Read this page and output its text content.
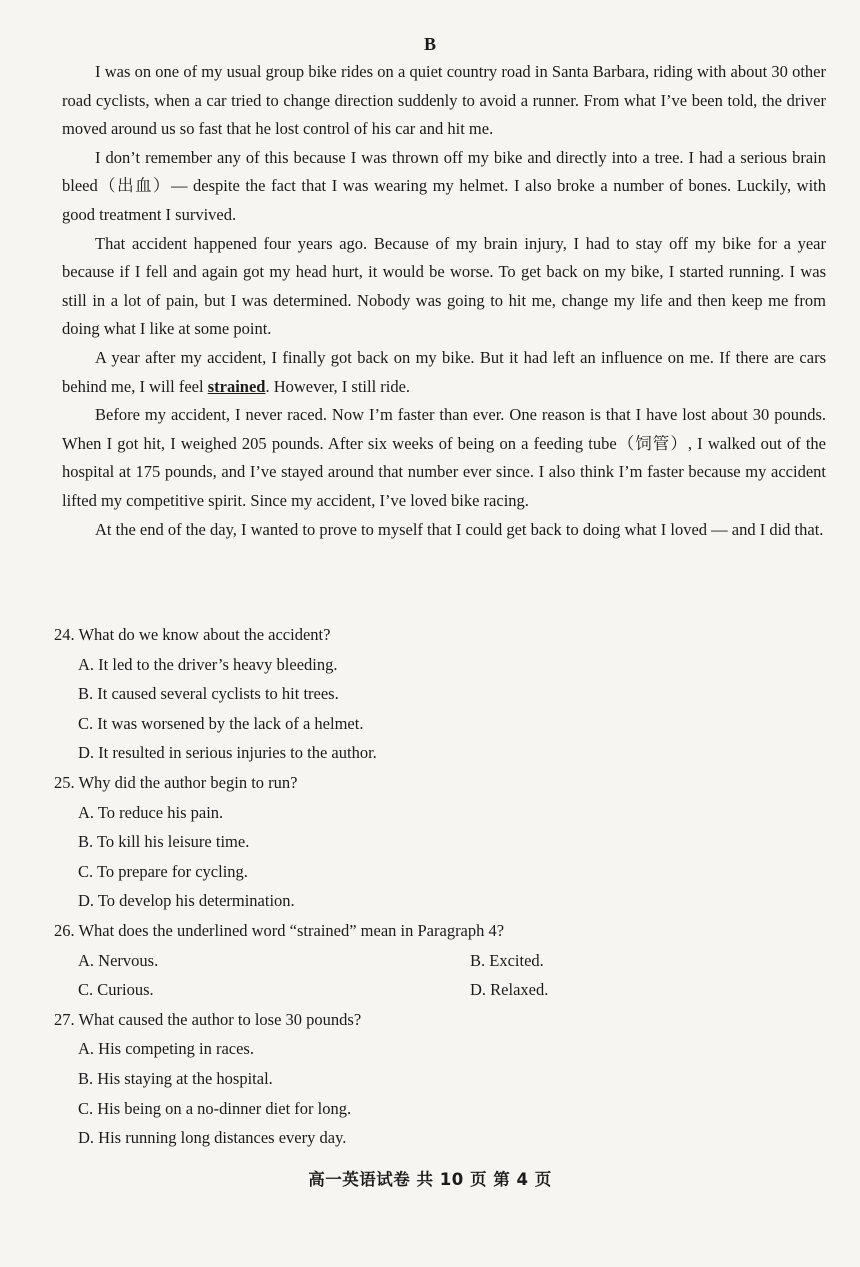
B

I was on one of my usual group bike rides on a quiet country road in Santa Barbara, riding with about 30 other road cyclists, when a car tried to change direction suddenly to avoid a runner. From what I’ve been told, the driver moved around us so fast that he lost control of his car and hit me.

I don’t remember any of this because I was thrown off my bike and directly into a tree. I had a serious brain bleed（出血）— despite the fact that I was wearing my helmet. I also broke a number of bones. Luckily, with good treatment I survived.

That accident happened four years ago. Because of my brain injury, I had to stay off my bike for a year because if I fell and again got my head hurt, it would be worse. To get back on my bike, I started running. I was still in a lot of pain, but I was determined. Nobody was going to hit me, change my life and then keep me from doing what I like at some point.

A year after my accident, I finally got back on my bike. But it had left an influence on me. If there are cars behind me, I will feel strained. However, I still ride.

Before my accident, I never raced. Now I’m faster than ever. One reason is that I have lost about 30 pounds. When I got hit, I weighed 205 pounds. After six weeks of being on a feeding tube（饲管）, I walked out of the hospital at 175 pounds, and I’ve stayed around that number ever since. I also think I’m faster because my accident lifted my competitive spirit. Since my accident, I’ve loved bike racing.

At the end of the day, I wanted to prove to myself that I could get back to doing what I loved — and I did that.

24. What do we know about the accident?

A. It led to the driver’s heavy bleeding.

B. It caused several cyclists to hit trees.

C. It was worsened by the lack of a helmet.

D. It resulted in serious injuries to the author.

25. Why did the author begin to run?

A. To reduce his pain.

B. To kill his leisure time.

C. To prepare for cycling.

D. To develop his determination.

26. What does the underlined word “strained” mean in Paragraph 4?

A. Nervous.	B. Excited.

C. Curious.	D. Relaxed.

27. What caused the author to lose 30 pounds?

A. His competing in races.

B. His staying at the hospital.

C. His being on a no-dinner diet for long.

D. His running long distances every day.

高一英语试卷 共 10 页 第 4 页
